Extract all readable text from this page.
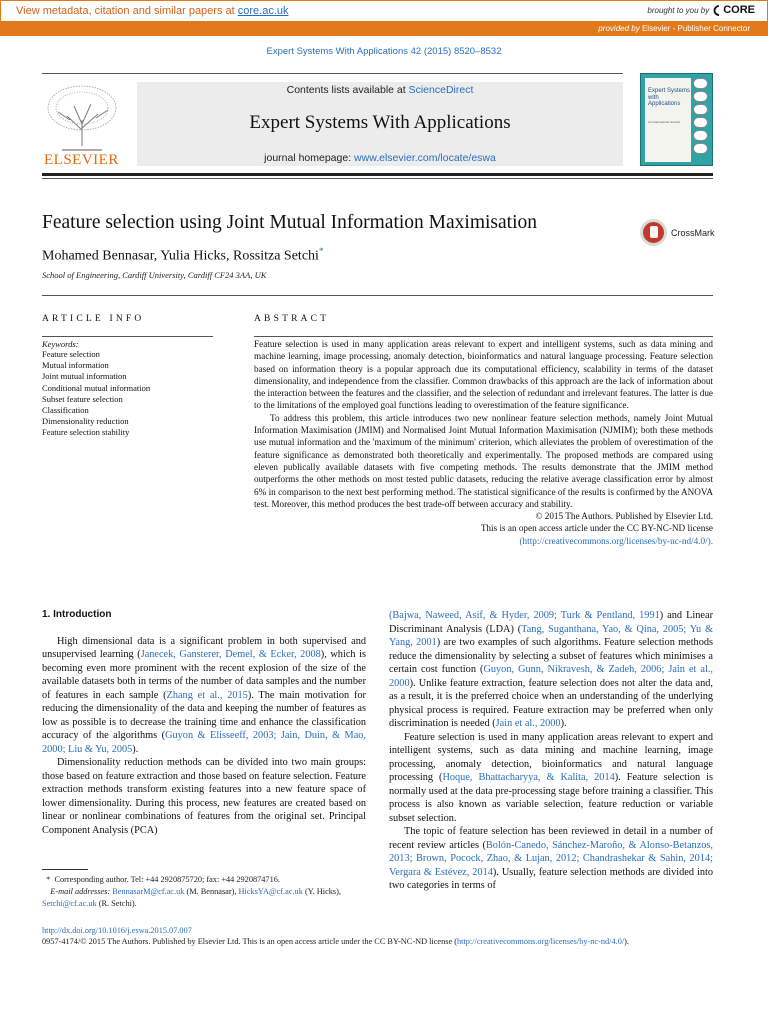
View metadata, citation and similar papers at core.ac.uk	brought to you by CORE
provided by Elsevier - Publisher Connector
Expert Systems With Applications 42 (2015) 8520–8532
ELSEVIER
Contents lists available at ScienceDirect
Expert Systems With Applications
journal homepage: www.elsevier.com/locate/eswa
Expert Systems with Applications
An International Journal
Feature selection using Joint Mutual Information Maximisation
Mohamed Bennasar, Yulia Hicks, Rossitza Setchi*
School of Engineering, Cardiff University, Cardiff CF24 3AA, UK
CrossMark
ARTICLE INFO
Keywords:
Feature selection
Mutual information
Joint mutual information
Conditional mutual information
Subset feature selection
Classification
Dimensionality reduction
Feature selection stability
ABSTRACT

Feature selection is used in many application areas relevant to expert and intelligent systems, such as data mining and machine learning, image processing, anomaly detection, bioinformatics and natural language processing. Feature selection based on information theory is a popular approach due its computational efficiency, scalability in terms of the dataset dimensionality, and independence from the classifier. Common drawbacks of this approach are the lack of information about the interaction between the features and the classifier, and the selection of redundant and irrelevant features. The latter is due to the limitations of the employed goal functions leading to overestimation of the feature significance.

To address this problem, this article introduces two new nonlinear feature selection methods, namely Joint Mutual Information Maximisation (JMIM) and Normalised Joint Mutual Information Maximisation (NJMIM); both these methods use mutual information and the 'maximum of the minimum' criterion, which alleviates the problem of overestimation of the feature significance as demonstrated both theoretically and experimentally. The proposed methods are compared using eleven publically available datasets with five competing methods. The results demonstrate that the JMIM method outperforms the other methods on most tested public datasets, reducing the relative average classification error by almost 6% in comparison to the next best performing method. The statistical significance of the results is confirmed by the ANOVA test. Moreover, this method produces the best trade-off between accuracy and stability.

© 2015 The Authors. Published by Elsevier Ltd.
This is an open access article under the CC BY-NC-ND license
(http://creativecommons.org/licenses/by-nc-nd/4.0/).

1. Introduction

High dimensional data is a significant problem in both supervised and unsupervised learning (Janecek, Gansterer, Demel, & Ecker, 2008), which is becoming even more prominent with the recent explosion of the size of the available datasets both in terms of the number of data samples and the number of features in each sample (Zhang et al., 2015). The main motivation for reducing the dimensionality of the data and keeping the number of features as low as possible is to decrease the training time and enhance the classification accuracy of the algorithms (Guyon & Elisseeff, 2003; Jain, Duin, & Mao, 2000; Liu & Yu, 2005).

Dimensionality reduction methods can be divided into two main groups: those based on feature extraction and those based on feature selection. Feature extraction methods transform existing features into a new feature space of lower dimensionality. During this process, new features are created based on linear or nonlinear combinations of features from the original set. Principal Component Analysis (PCA)

(Bajwa, Naweed, Asif, & Hyder, 2009; Turk & Pentland, 1991) and Linear Discriminant Analysis (LDA) (Tang, Suganthana, Yao, & Qina, 2005; Yu & Yang, 2001) are two examples of such algorithms. Feature selection methods reduce the dimensionality by selecting a subset of features which minimises a certain cost function (Guyon, Gunn, Nikravesh, & Zadeh, 2006; Jain et al., 2000). Unlike feature extraction, feature selection does not alter the data and, as a result, it is the preferred choice when an understanding of the underlying physical process is required. Feature extraction may be preferred when only discrimination is needed (Jain et al., 2000).

Feature selection is used in many application areas relevant to expert and intelligent systems, such as data mining and machine learning, image processing, anomaly detection, bioinformatics and natural language processing (Hoque, Bhattacharyya, & Kalita, 2014). Feature selection is normally used at the data pre-processing stage before training a classifier. This process is also known as variable selection, feature reduction or variable subset selection.

The topic of feature selection has been reviewed in detail in a number of recent review articles (Bolón-Canedo, Sánchez-Maroño, & Alonso-Betanzos, 2013; Brown, Pocock, Zhao, & Lujan, 2012; Chandrashekar & Sahin, 2014; Vergara & Estévez, 2014). Usually, feature selection methods are divided into two categories in terms of

* Corresponding author. Tel: +44 2920875720; fax: +44 2920874716.
E-mail addresses: BennasarM@cf.ac.uk (M. Bennasar), HicksYA@cf.ac.uk (Y. Hicks),
Setchi@cf.ac.uk (R. Setchi).
http://dx.doi.org/10.1016/j.eswa.2015.07.007
0957-4174/© 2015 The Authors. Published by Elsevier Ltd. This is an open access article under the CC BY-NC-ND license (http://creativecommons.org/licenses/by-nc-nd/4.0/).
